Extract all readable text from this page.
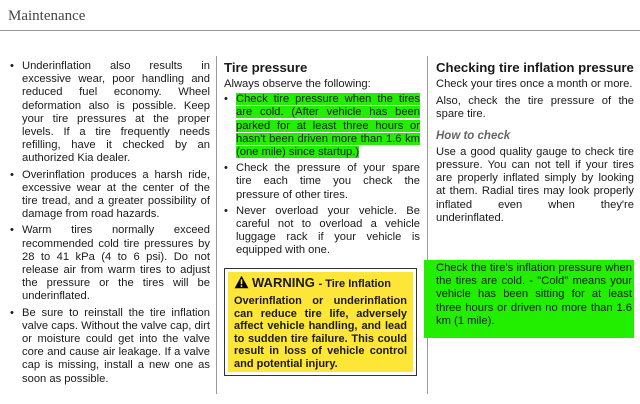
Maintenance
• Underinflation also results in excessive wear, poor handling and reduced fuel economy. Wheel deformation also is possible. Keep your tire pressures at the proper levels. If a tire frequently needs refilling, have it checked by an authorized Kia dealer.
• Overinflation produces a harsh ride, excessive wear at the center of the tire tread, and a greater possibility of damage from road hazards.
• Warm tires normally exceed recommended cold tire pressures by 28 to 41 kPa (4 to 6 psi). Do not release air from warm tires to adjust the pressure or the tires will be underinflated.
• Be sure to reinstall the tire inflation valve caps. Without the valve cap, dirt or moisture could get into the valve core and cause air leakage. If a valve cap is missing, install a new one as soon as possible.
Tire pressure
Always observe the following:
• Check tire pressure when the tires are cold. (After vehicle has been parked for at least three hours or hasn't been driven more than 1.6 km (one mile) since startup.)
• Check the pressure of your spare tire each time you check the pressure of other tires.
• Never overload your vehicle. Be careful not to overload a vehicle luggage rack if your vehicle is equipped with one.
WARNING - Tire Inflation
Overinflation or underinflation can reduce tire life, adversely affect vehicle handling, and lead to sudden tire failure. This could result in loss of vehicle control and potential injury.
Checking tire inflation pressure
Check your tires once a month or more.
Also, check the tire pressure of the spare tire.
How to check
Use a good quality gauge to check tire pressure. You can not tell if your tires are properly inflated simply by looking at them. Radial tires may look properly inflated even when they're underinflated.
Check the tire's inflation pressure when the tires are cold. - "Cold" means your vehicle has been sitting for at least three hours or driven no more than 1.6 km (1 mile).
